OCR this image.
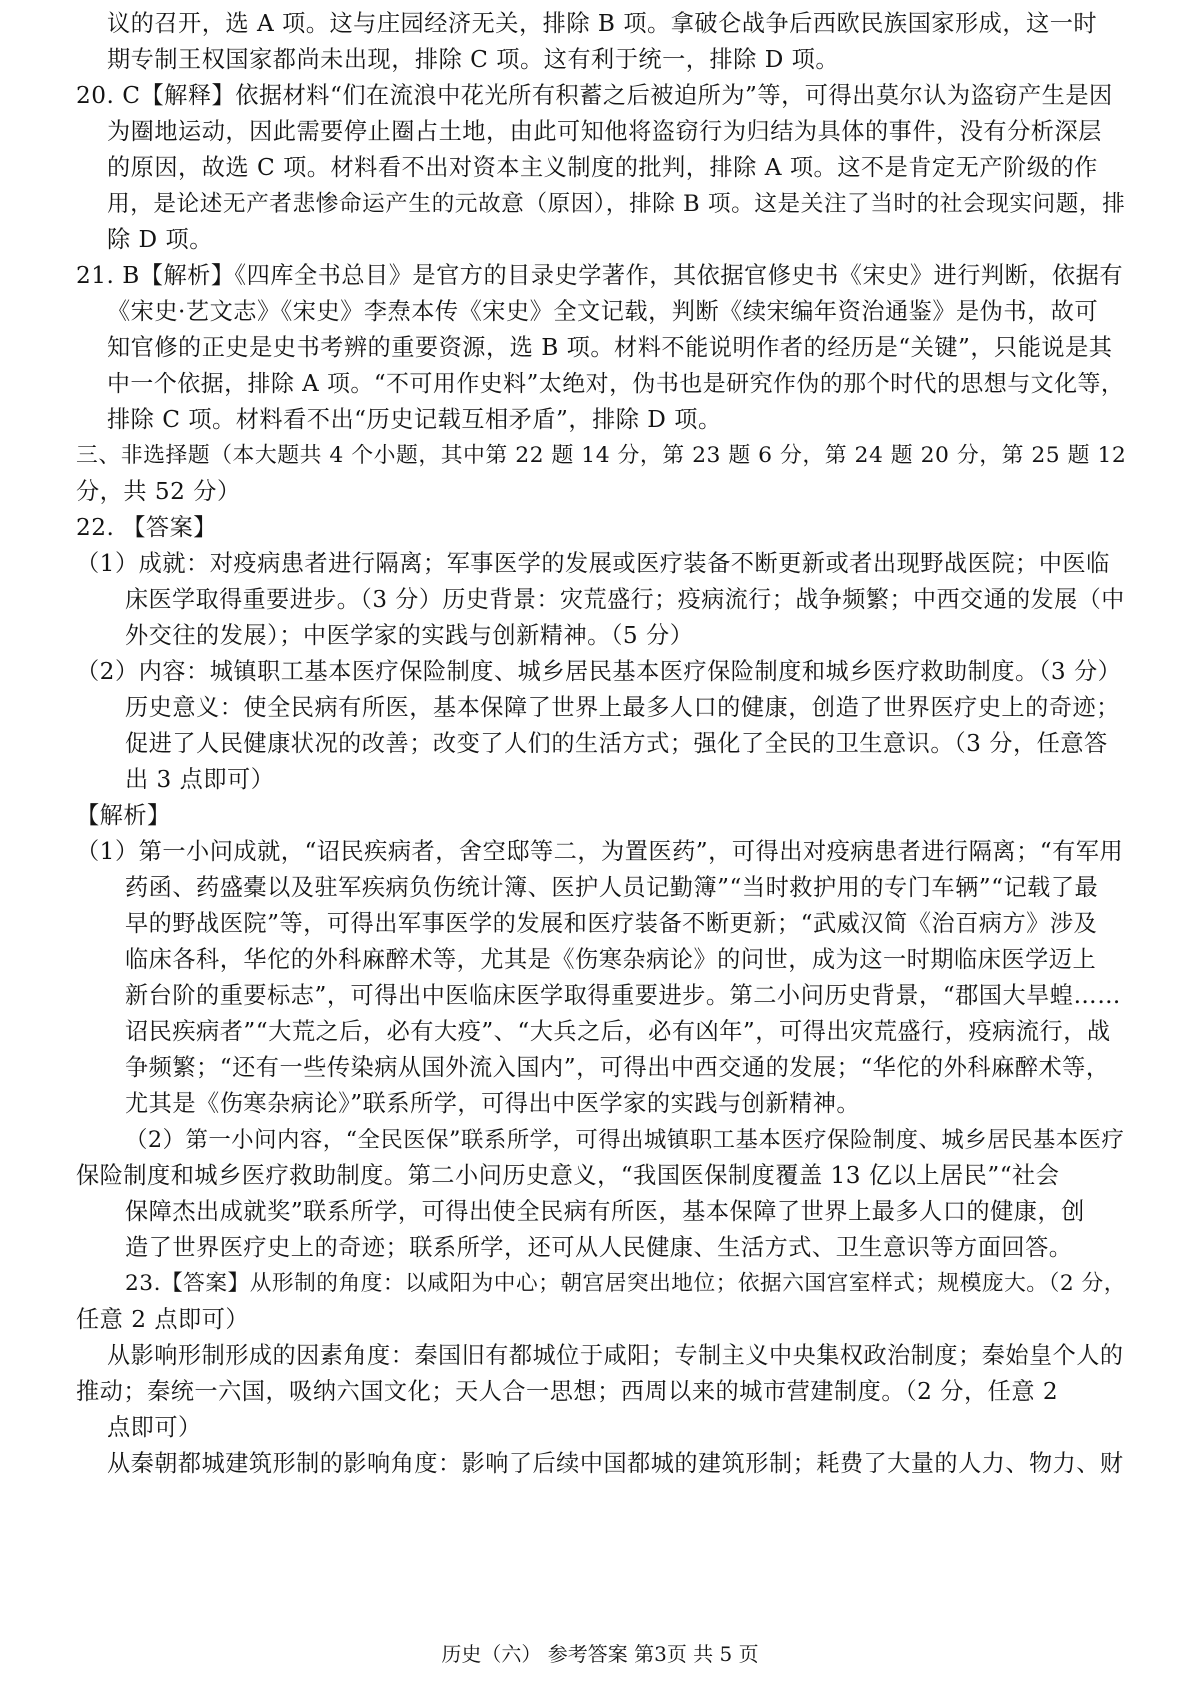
议的召开，选 A 项。这与庄园经济无关，排除 B 项。拿破仑战争后西欧民族国家形成，这一时
期专制王权国家都尚未出现，排除 C 项。这有利于统一，排除 D 项。
20. C【解释】依据材料“们在流浪中花光所有积蓄之后被迫所为”等，可得出莫尔认为盗窃产生是因
为圈地运动，因此需要停止圈占土地，由此可知他将盗窃行为归结为具体的事件，没有分析深层
的原因，故选 C 项。材料看不出对资本主义制度的批判，排除 A 项。这不是肯定无产阶级的作
用，是论述无产者悲惨命运产生的元故意（原因），排除 B 项。这是关注了当时的社会现实问题，排
除 D 项。
21. B【解析】《四库全书总目》是官方的目录史学著作，其依据官修史书《宋史》进行判断，依据有
《宋史·艺文志》《宋史》李焘本传《宋史》全文记载，判断《续宋编年资治通鉴》是伪书，故可
知官修的正史是史书考辨的重要资源，选 B 项。材料不能说明作者的经历是“关键”，只能说是其
中一个依据，排除 A 项。“不可用作史料”太绝对，伪书也是研究作伪的那个时代的思想与文化等，
排除 C 项。材料看不出“历史记载互相矛盾”，排除 D 项。
三、非选择题（本大题共 4 个小题，其中第 22 题 14 分，第 23 题 6 分，第 24 题 20 分，第 25 题 12
分，共 52 分）
22. 【答案】
（1）成就：对疫病患者进行隔离；军事医学的发展或医疗装备不断更新或者出现野战医院；中医临
床医学取得重要进步。（3 分）历史背景：灾荒盛行；疫病流行；战争频繁；中西交通的发展（中
外交往的发展）；中医学家的实践与创新精神。（5 分）
（2）内容：城镇职工基本医疗保险制度、城乡居民基本医疗保险制度和城乡医疗救助制度。（3 分）
历史意义：使全民病有所医，基本保障了世界上最多人口的健康，创造了世界医疗史上的奇迹；
促进了人民健康状况的改善；改变了人们的生活方式；强化了全民的卫生意识。（3 分，任意答
出 3 点即可）
【解析】
（1）第一小问成就，“诏民疾病者，舍空邸等二，为置医药”，可得出对疫病患者进行隔离；“有军用
药函、药盛橐以及驻军疾病负伤统计簿、医护人员记勤簿”“当时救护用的专门车辆”“记载了最
早的野战医院”等，可得出军事医学的发展和医疗装备不断更新；“武威汉简《治百病方》涉及
临床各科，华佗的外科麻醉术等，尤其是《伤寒杂病论》的问世，成为这一时期临床医学迈上
新台阶的重要标志”，可得出中医临床医学取得重要进步。第二小问历史背景，“郡国大旱蝗……
诏民疾病者”“大荒之后，必有大疫”、“大兵之后，必有凶年”，可得出灾荒盛行，疫病流行，战
争频繁；“还有一些传染病从国外流入国内”，可得出中西交通的发展；“华佗的外科麻醉术等，
尤其是《伤寒杂病论》”联系所学，可得出中医学家的实践与创新精神。
（2）第一小问内容，“全民医保”联系所学，可得出城镇职工基本医疗保险制度、城乡居民基本医疗
保险制度和城乡医疗救助制度。第二小问历史意义，“我国医保制度覆盖 13 亿以上居民”“社会
保障杰出成就奖”联系所学，可得出使全民病有所医，基本保障了世界上最多人口的健康，创
造了世界医疗史上的奇迹；联系所学，还可从人民健康、生活方式、卫生意识等方面回答。
23.【答案】从形制的角度：以咸阳为中心；朝宫居突出地位；依据六国宫室样式；规模庞大。（2 分，
任意 2 点即可）
从影响形制形成的因素角度：秦国旧有都城位于咸阳；专制主义中央集权政治制度；秦始皇个人的
推动；秦统一六国，吸纳六国文化；天人合一思想；西周以来的城市营建制度。（2 分，任意 2
点即可）
从秦朝都城建筑形制的影响角度：影响了后续中国都城的建筑形制；耗费了大量的人力、物力、财
历史（六） 参考答案 第3页 共 5 页
